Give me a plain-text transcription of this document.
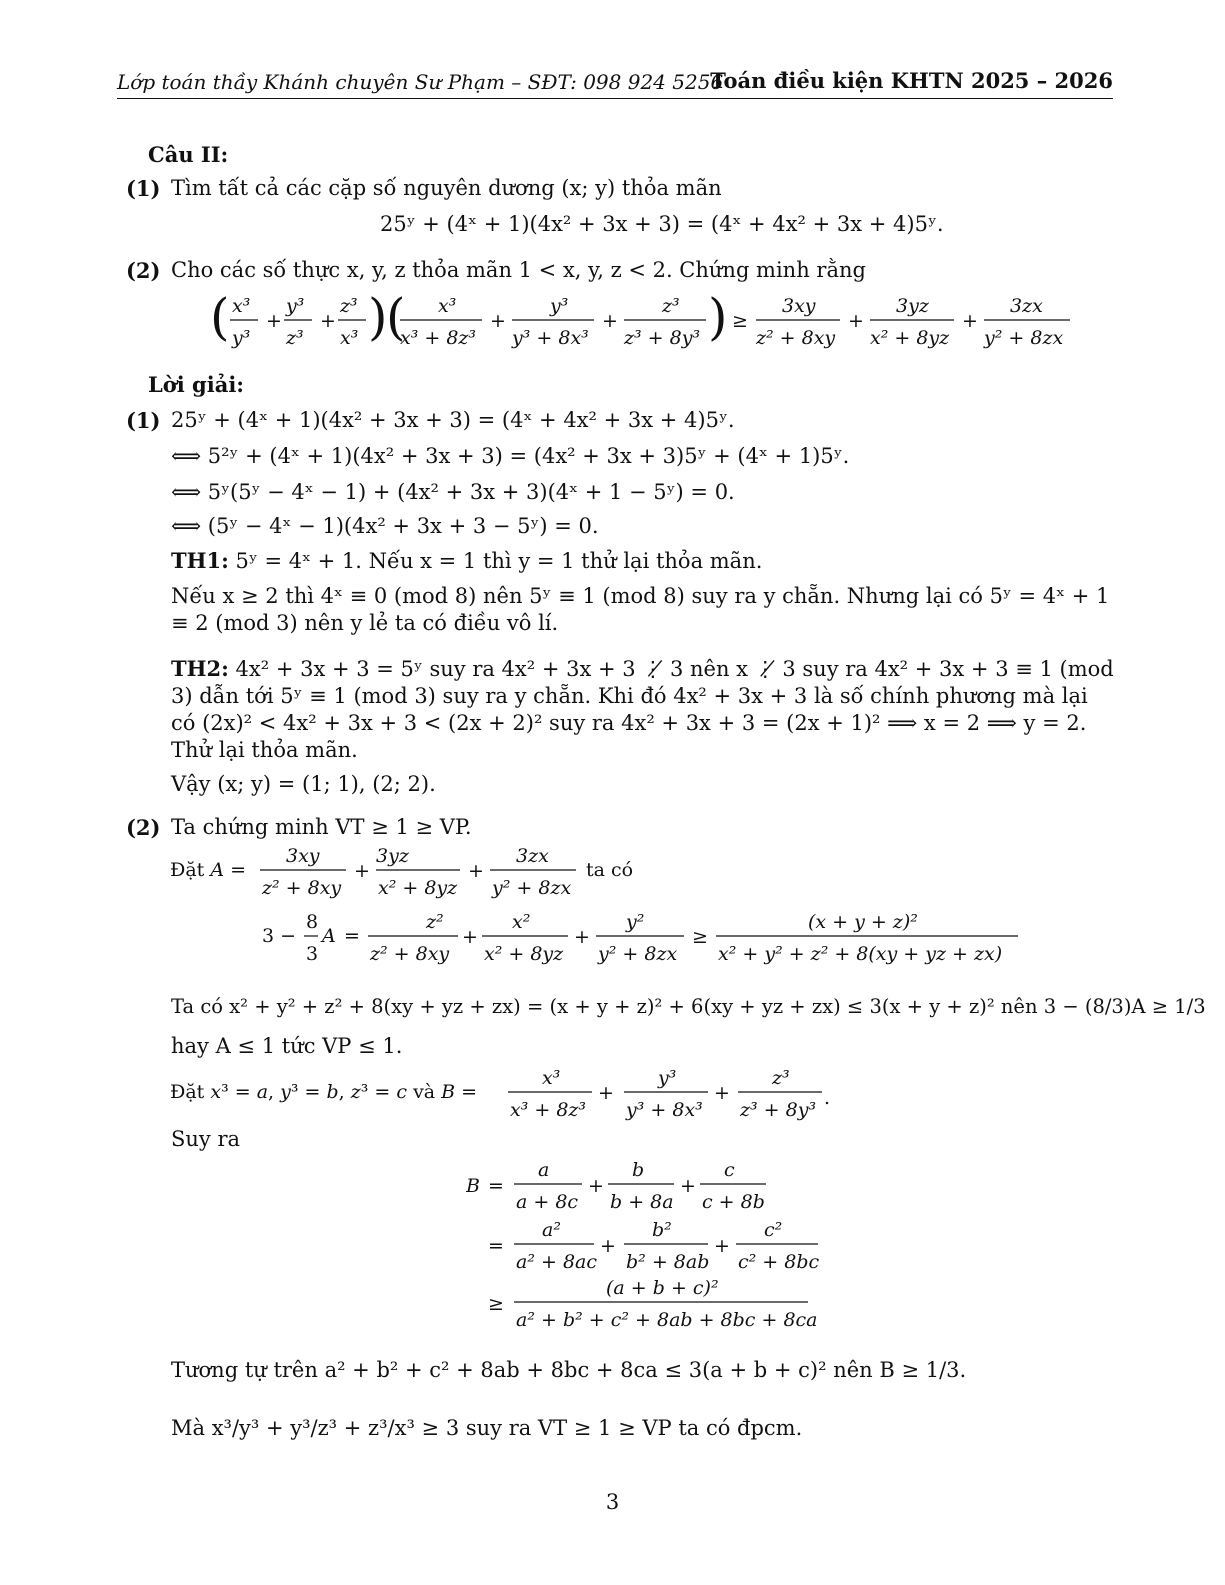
Lớp toán thầy Khánh chuyên Sư Phạm – SĐT: 098 924 5256
Toán điều kiện KHTN 2025 – 2026
Câu II:
(1) Tìm tất cả các cặp số nguyên dương (x; y) thỏa mãn
25ʸ + (4ˣ + 1)(4x² + 3x + 3) = (4ˣ + 4x² + 3x + 4)5ʸ.
(2) Cho các số thực x, y, z thỏa mãn 1 < x, y, z < 2. Chứng minh rằng
( x³
y³
+
y³
z³
+
z³
x³ )
( x³
x³ + 8z³
+
y³
y³ + 8x³
+
z³
z³ + 8y³ ) ≥
3xy
z² + 8xy
+
3yz
x² + 8yz
+
3zx
y² + 8zx
Lời giải:
(1) 25ʸ + (4ˣ + 1)(4x² + 3x + 3) = (4ˣ + 4x² + 3x + 4)5ʸ.
⟺ 5²ʸ + (4ˣ + 1)(4x² + 3x + 3) = (4x² + 3x + 3)5ʸ + (4ˣ + 1)5ʸ.
⟺ 5ʸ(5ʸ − 4ˣ − 1) + (4x² + 3x + 3)(4ˣ + 1 − 5ʸ) = 0.
⟺ (5ʸ − 4ˣ − 1)(4x² + 3x + 3 − 5ʸ) = 0.
TH1: 5ʸ = 4ˣ + 1. Nếu x = 1 thì y = 1 thử lại thỏa mãn.
Nếu x ≥ 2 thì 4ˣ ≡ 0 (mod 8) nên 5ʸ ≡ 1 (mod 8) suy ra y chẵn. Nhưng lại có 5ʸ = 4ˣ + 1 ≡ 2 (mod 3) nên y lẻ ta có điều vô lí.
TH2: 4x² + 3x + 3 = 5ʸ suy ra 4x² + 3x + 3 ⋮̸ 3 nên x ⋮̸ 3 suy ra 4x² + 3x + 3 ≡ 1 (mod 3) dẫn tới 5ʸ ≡ 1 (mod 3) suy ra y chẵn. Khi đó 4x² + 3x + 3 là số chính phương mà lại có (2x)² < 4x² + 3x + 3 < (2x + 2)² suy ra 4x² + 3x + 3 = (2x + 1)² ⟹ x = 2 ⟹ y = 2. Thử lại thỏa mãn.
Vậy (x; y) = (1; 1), (2; 2).
(2) Ta chứng minh VT ≥ 1 ≥ VP.
Đặt A =
3xy
z² + 8xy
3yz
x² + 8yz
3zx
y² + 8zx
+	+	ta có
3 −
8
3
A
z²
z² + 8xy
x²
x² + 8yz
y²
y² + 8zx
(x + y + z)²
x² + y² + z² + 8(xy + yz + zx)
=	+	+	≥
Ta có x² + y² + z² + 8(xy + yz + zx) = (x + y + z)² + 6(xy + yz + zx) ≤ 3(x + y + z)² nên 3 − (8/3)A ≥ 1/3
hay A ≤ 1 tức VP ≤ 1.
Đặt x³ = a, y³ = b, z³ = c và B =
x³
x³ + 8z³
y³
y³ + 8x³
z³
z³ + 8y³
+	+	.
Suy ra
B =
a
a + 8c
b
b + 8a
c
c + 8b
+	+
=
a²
a² + 8ac
b²
b² + 8ab
c²
c² + 8bc
+	+
≥
(a + b + c)²
a² + b² + c² + 8ab + 8bc + 8ca
Tương tự trên a² + b² + c² + 8ab + 8bc + 8ca ≤ 3(a + b + c)² nên B ≥ 1/3.
Mà x³/y³ + y³/z³ + z³/x³ ≥ 3 suy ra VT ≥ 1 ≥ VP ta có đpcm.
3
